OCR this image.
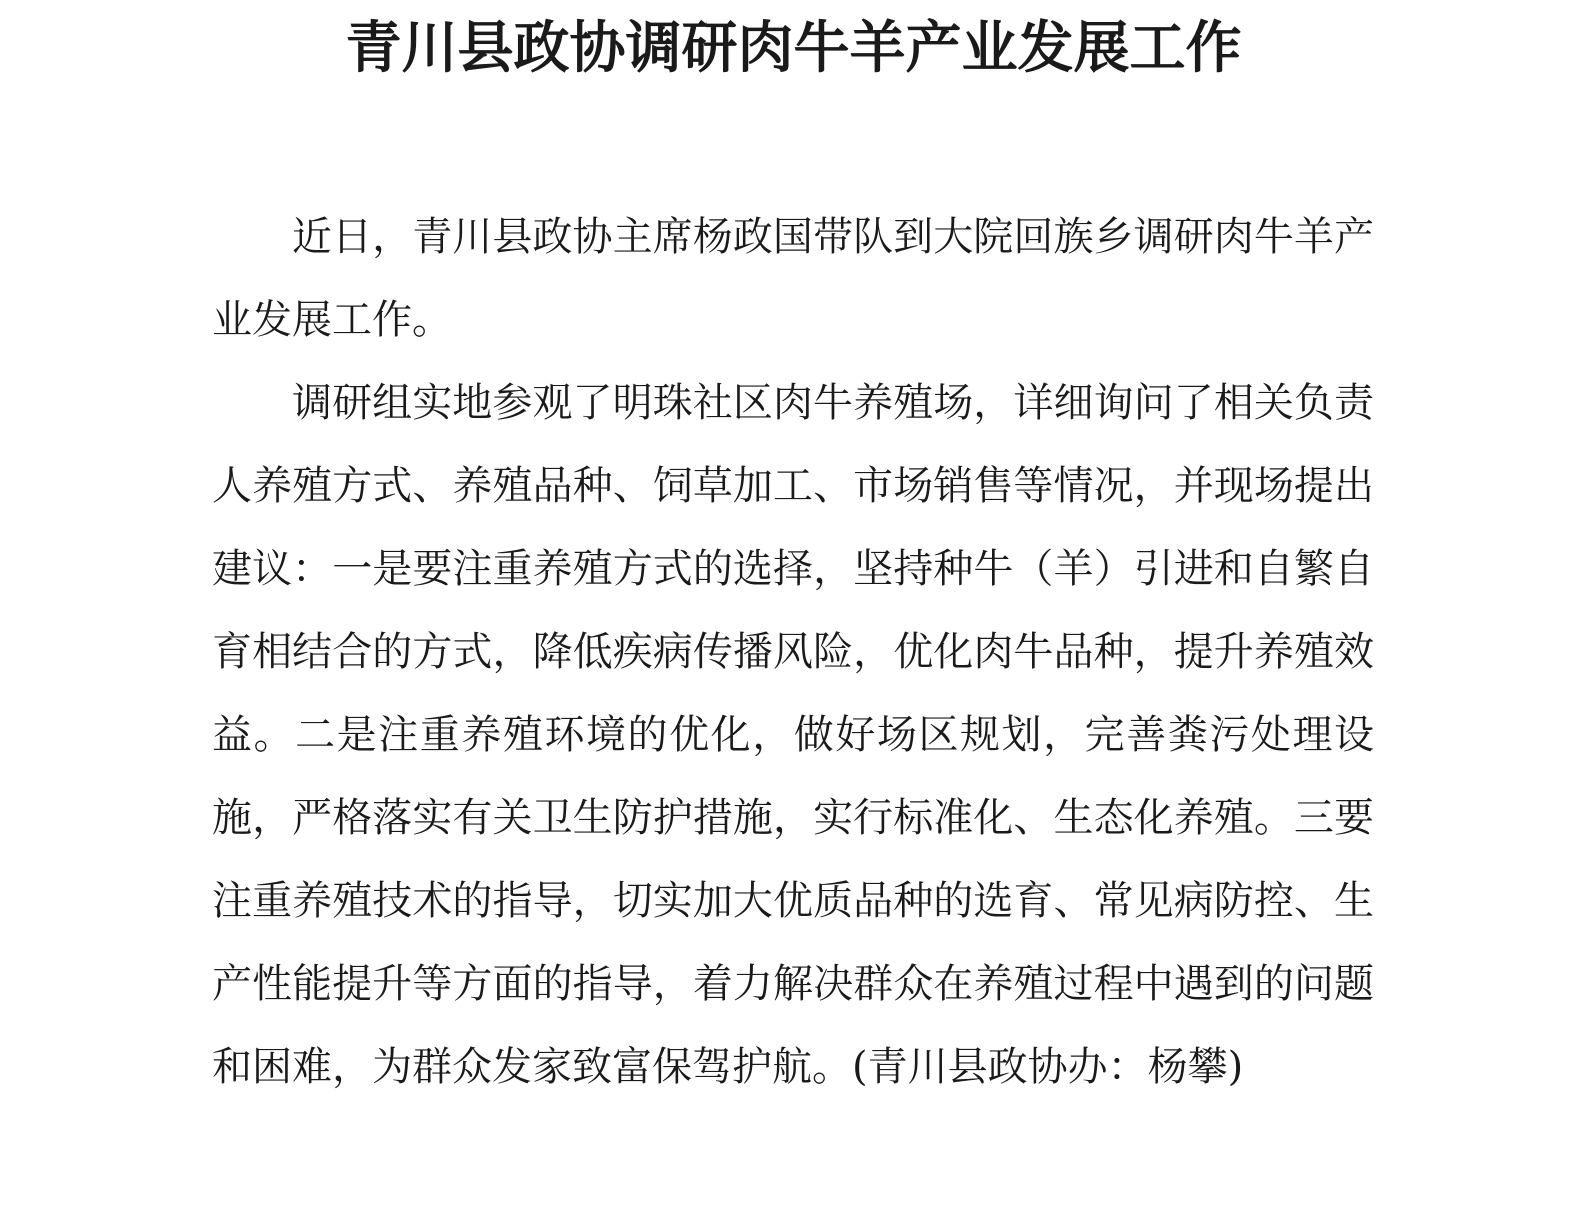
青川县政协调研肉牛羊产业发展工作

近日，青川县政协主席杨政国带队到大院回族乡调研肉牛羊产业发展工作。

调研组实地参观了明珠社区肉牛养殖场，详细询问了相关负责人养殖方式、养殖品种、饲草加工、市场销售等情况，并现场提出建议：一是要注重养殖方式的选择，坚持种牛（羊）引进和自繁自育相结合的方式，降低疾病传播风险，优化肉牛品种，提升养殖效益。二是注重养殖环境的优化，做好场区规划，完善粪污处理设施，严格落实有关卫生防护措施，实行标准化、生态化养殖。三要注重养殖技术的指导，切实加大优质品种的选育、常见病防控、生产性能提升等方面的指导，着力解决群众在养殖过程中遇到的问题和困难，为群众发家致富保驾护航。(青川县政协办：杨攀)
